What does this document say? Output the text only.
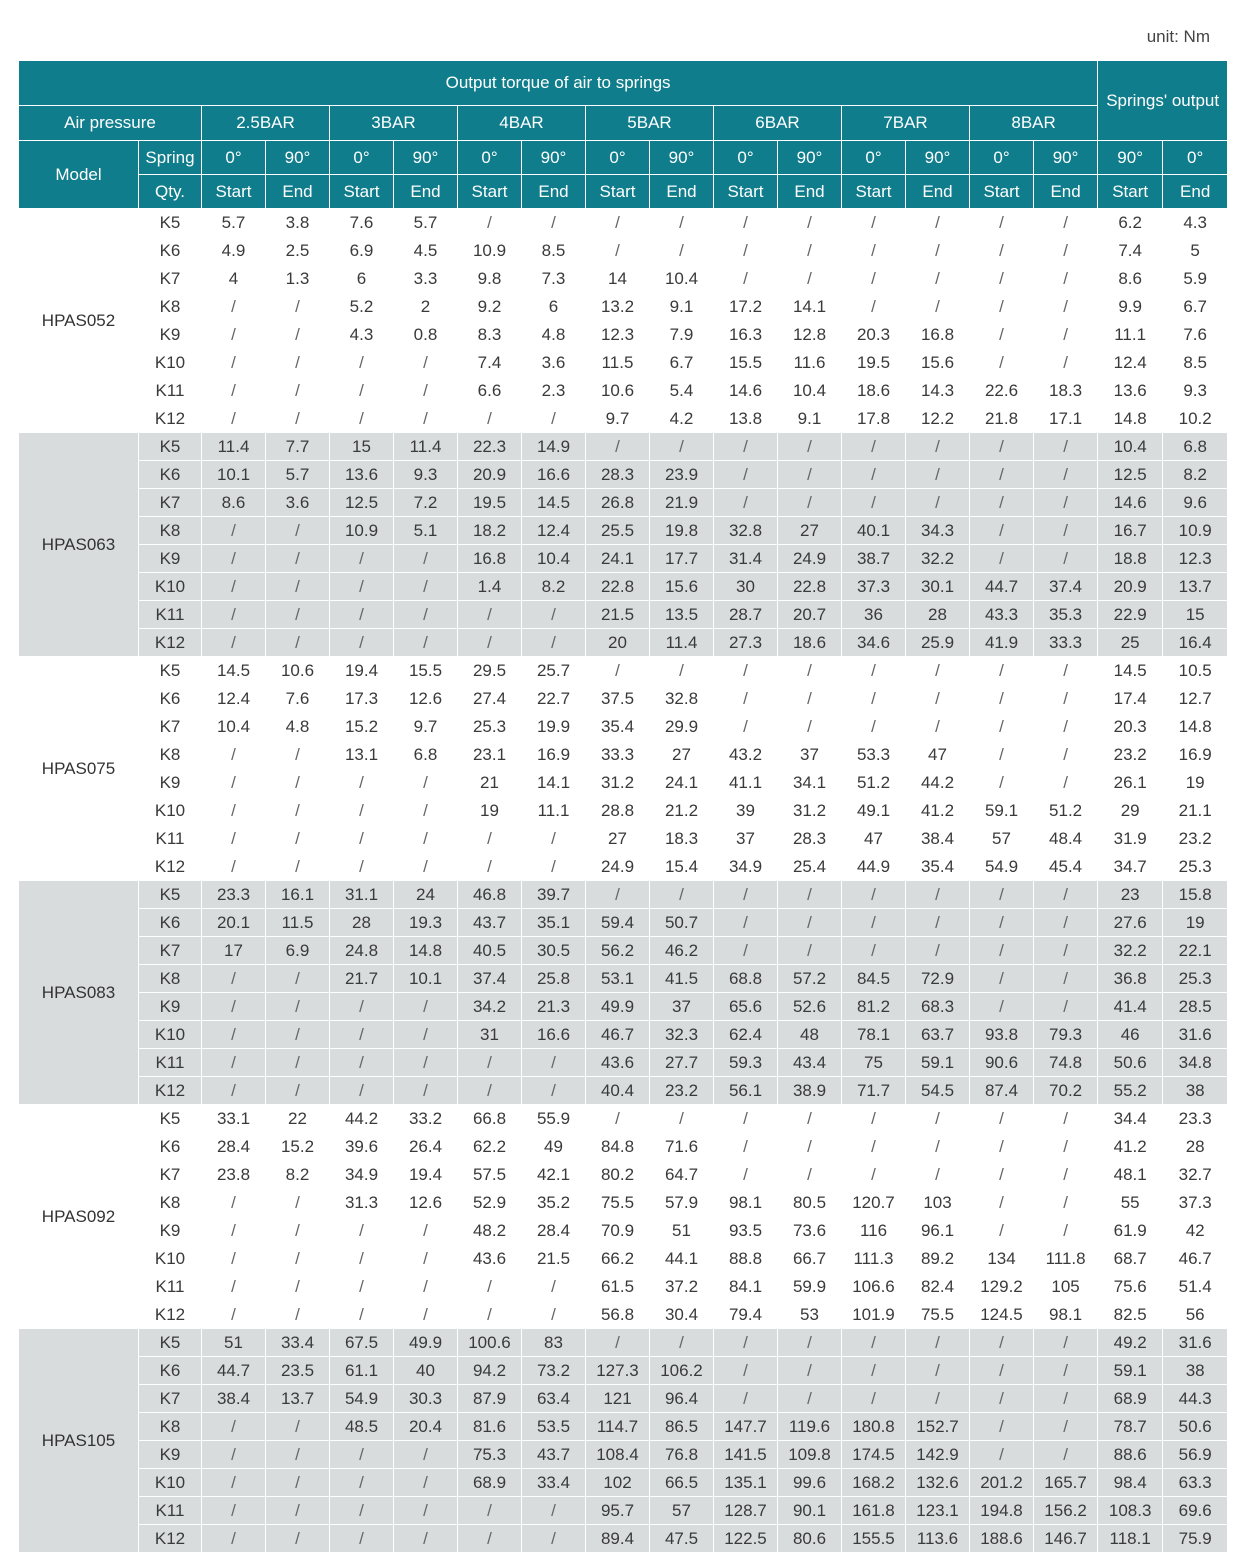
unit: Nm
Output torque of air to springs																Springs' output	
Air pressure		2.5BAR		3BAR		4BAR		5BAR		6BAR		7BAR		8BAR			
Model	Spring	0°	90°	0°	90°	0°	90°	0°	90°	0°	90°	0°	90°	0°	90°	90°	0°
	Qty.	Start	End	Start	End	Start	End	Start	End	Start	End	Start	End	Start	End	Start	End
HPAS052	K5	5.7	3.8	7.6	5.7	/	/	/	/	/	/	/	/	/	/	6.2	4.3
	K6	4.9	2.5	6.9	4.5	10.9	8.5	/	/	/	/	/	/	/	/	7.4	5
	K7	4	1.3	6	3.3	9.8	7.3	14	10.4	/	/	/	/	/	/	8.6	5.9
	K8	/	/	5.2	2	9.2	6	13.2	9.1	17.2	14.1	/	/	/	/	9.9	6.7
	K9	/	/	4.3	0.8	8.3	4.8	12.3	7.9	16.3	12.8	20.3	16.8	/	/	11.1	7.6
	K10	/	/	/	/	7.4	3.6	11.5	6.7	15.5	11.6	19.5	15.6	/	/	12.4	8.5
	K11	/	/	/	/	6.6	2.3	10.6	5.4	14.6	10.4	18.6	14.3	22.6	18.3	13.6	9.3
	K12	/	/	/	/	/	/	9.7	4.2	13.8	9.1	17.8	12.2	21.8	17.1	14.8	10.2
HPAS063	K5	11.4	7.7	15	11.4	22.3	14.9	/	/	/	/	/	/	/	/	10.4	6.8
	K6	10.1	5.7	13.6	9.3	20.9	16.6	28.3	23.9	/	/	/	/	/	/	12.5	8.2
	K7	8.6	3.6	12.5	7.2	19.5	14.5	26.8	21.9	/	/	/	/	/	/	14.6	9.6
	K8	/	/	10.9	5.1	18.2	12.4	25.5	19.8	32.8	27	40.1	34.3	/	/	16.7	10.9
	K9	/	/	/	/	16.8	10.4	24.1	17.7	31.4	24.9	38.7	32.2	/	/	18.8	12.3
	K10	/	/	/	/	1.4	8.2	22.8	15.6	30	22.8	37.3	30.1	44.7	37.4	20.9	13.7
	K11	/	/	/	/	/	/	21.5	13.5	28.7	20.7	36	28	43.3	35.3	22.9	15
	K12	/	/	/	/	/	/	20	11.4	27.3	18.6	34.6	25.9	41.9	33.3	25	16.4
HPAS075	K5	14.5	10.6	19.4	15.5	29.5	25.7	/	/	/	/	/	/	/	/	14.5	10.5
	K6	12.4	7.6	17.3	12.6	27.4	22.7	37.5	32.8	/	/	/	/	/	/	17.4	12.7
	K7	10.4	4.8	15.2	9.7	25.3	19.9	35.4	29.9	/	/	/	/	/	/	20.3	14.8
	K8	/	/	13.1	6.8	23.1	16.9	33.3	27	43.2	37	53.3	47	/	/	23.2	16.9
	K9	/	/	/	/	21	14.1	31.2	24.1	41.1	34.1	51.2	44.2	/	/	26.1	19
	K10	/	/	/	/	19	11.1	28.8	21.2	39	31.2	49.1	41.2	59.1	51.2	29	21.1
	K11	/	/	/	/	/	/	27	18.3	37	28.3	47	38.4	57	48.4	31.9	23.2
	K12	/	/	/	/	/	/	24.9	15.4	34.9	25.4	44.9	35.4	54.9	45.4	34.7	25.3
HPAS083	K5	23.3	16.1	31.1	24	46.8	39.7	/	/	/	/	/	/	/	/	23	15.8
	K6	20.1	11.5	28	19.3	43.7	35.1	59.4	50.7	/	/	/	/	/	/	27.6	19
	K7	17	6.9	24.8	14.8	40.5	30.5	56.2	46.2	/	/	/	/	/	/	32.2	22.1
	K8	/	/	21.7	10.1	37.4	25.8	53.1	41.5	68.8	57.2	84.5	72.9	/	/	36.8	25.3
	K9	/	/	/	/	34.2	21.3	49.9	37	65.6	52.6	81.2	68.3	/	/	41.4	28.5
	K10	/	/	/	/	31	16.6	46.7	32.3	62.4	48	78.1	63.7	93.8	79.3	46	31.6
	K11	/	/	/	/	/	/	43.6	27.7	59.3	43.4	75	59.1	90.6	74.8	50.6	34.8
	K12	/	/	/	/	/	/	40.4	23.2	56.1	38.9	71.7	54.5	87.4	70.2	55.2	38
HPAS092	K5	33.1	22	44.2	33.2	66.8	55.9	/	/	/	/	/	/	/	/	34.4	23.3
	K6	28.4	15.2	39.6	26.4	62.2	49	84.8	71.6	/	/	/	/	/	/	41.2	28
	K7	23.8	8.2	34.9	19.4	57.5	42.1	80.2	64.7	/	/	/	/	/	/	48.1	32.7
	K8	/	/	31.3	12.6	52.9	35.2	75.5	57.9	98.1	80.5	120.7	103	/	/	55	37.3
	K9	/	/	/	/	48.2	28.4	70.9	51	93.5	73.6	116	96.1	/	/	61.9	42
	K10	/	/	/	/	43.6	21.5	66.2	44.1	88.8	66.7	111.3	89.2	134	111.8	68.7	46.7
	K11	/	/	/	/	/	/	61.5	37.2	84.1	59.9	106.6	82.4	129.2	105	75.6	51.4
	K12	/	/	/	/	/	/	56.8	30.4	79.4	53	101.9	75.5	124.5	98.1	82.5	56
HPAS105	K5	51	33.4	67.5	49.9	100.6	83	/	/	/	/	/	/	/	/	49.2	31.6
	K6	44.7	23.5	61.1	40	94.2	73.2	127.3	106.2	/	/	/	/	/	/	59.1	38
	K7	38.4	13.7	54.9	30.3	87.9	63.4	121	96.4	/	/	/	/	/	/	68.9	44.3
	K8	/	/	48.5	20.4	81.6	53.5	114.7	86.5	147.7	119.6	180.8	152.7	/	/	78.7	50.6
	K9	/	/	/	/	75.3	43.7	108.4	76.8	141.5	109.8	174.5	142.9	/	/	88.6	56.9
	K10	/	/	/	/	68.9	33.4	102	66.5	135.1	99.6	168.2	132.6	201.2	165.7	98.4	63.3
	K11	/	/	/	/	/	/	95.7	57	128.7	90.1	161.8	123.1	194.8	156.2	108.3	69.6
	K12	/	/	/	/	/	/	89.4	47.5	122.5	80.6	155.5	113.6	188.6	146.7	118.1	75.9
